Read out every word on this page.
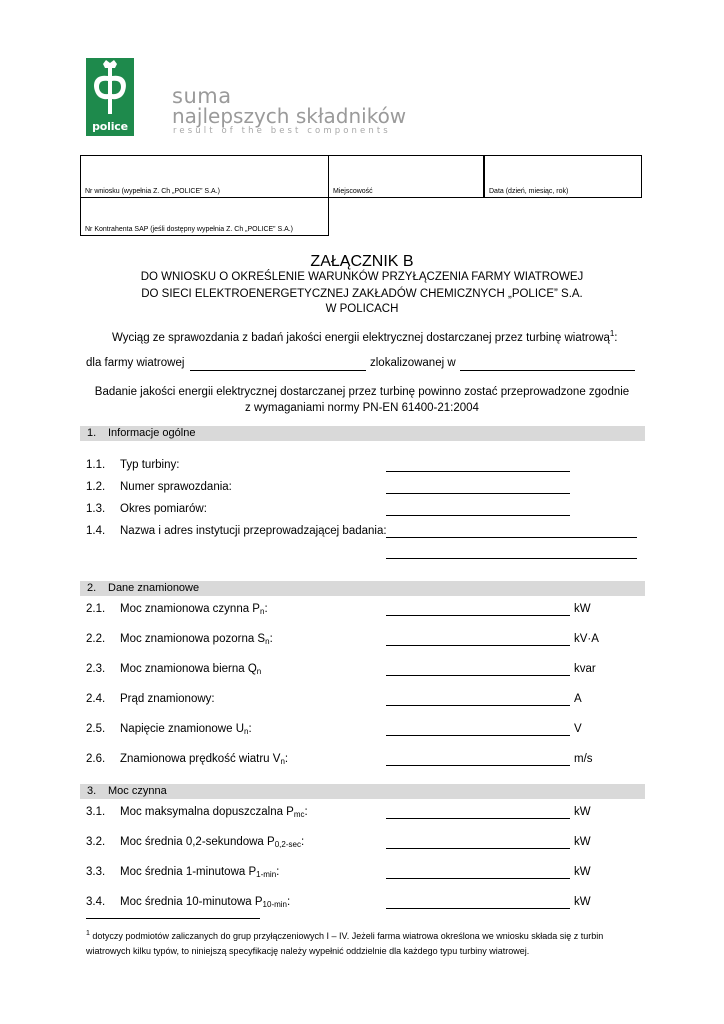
police
suma
najlepszych składników
result of the best components
Nr wniosku (wypełnia Z. Ch „POLICE” S.A.)	Miejscowość	Data (dzień, miesiąc, rok)
Nr Kontrahenta SAP (jeśli dostępny wypełnia Z. Ch „POLICE” S.A.)
ZAŁĄCZNIK B
DO WNIOSKU O OKREŚLENIE WARUNKÓW PRZYŁĄCZENIA FARMY WIATROWEJ
DO SIECI ELEKTROENERGETYCZNEJ ZAKŁADÓW CHEMICZNYCH „POLICE” S.A.
W POLICACH
Wyciąg ze sprawozdania z badań jakości energii elektrycznej dostarczanej przez turbinę wiatrową$^1$:
dla farmy wiatrowej	zlokalizowanej w
Badanie jakości energii elektrycznej dostarczanej przez turbinę powinno zostać przeprowadzone zgodnie
z wymaganiami normy PN-EN 61400-21:2004
1. Informacje ogólne
1.1. Typ turbiny:
1.2. Numer sprawozdania:
1.3. Okres pomiarów:
1.4. Nazwa i adres instytucji przeprowadzającej badania:
2. Dane znamionowe
2.1. Moc znamionowa czynna $P_n$:	kW
2.2. Moc znamionowa pozorna $S_n$:	kV·A
2.3. Moc znamionowa bierna $Q_n$	kvar
2.4. Prąd znamionowy:	A
2.5. Napięcie znamionowe $U_n$:	V
2.6. Znamionowa prędkość wiatru $V_n$:	m/s
3. Moc czynna
3.1. Moc maksymalna dopuszczalna $P_{mc}$:	kW
3.2. Moc średnia 0,2-sekundowa $P_{0,2-sec}$:	kW
3.3. Moc średnia 1-minutowa $P_{1-min}$:	kW
3.4. Moc średnia 10-minutowa $P_{10-min}$:	kW
$^1$ dotyczy podmiotów zaliczanych do grup przyłączeniowych I – IV. Jeżeli farma wiatrowa określona we wniosku składa się z turbin wiatrowych kilku typów, to niniejszą specyfikację należy wypełnić oddzielnie dla każdego typu turbiny wiatrowej.
